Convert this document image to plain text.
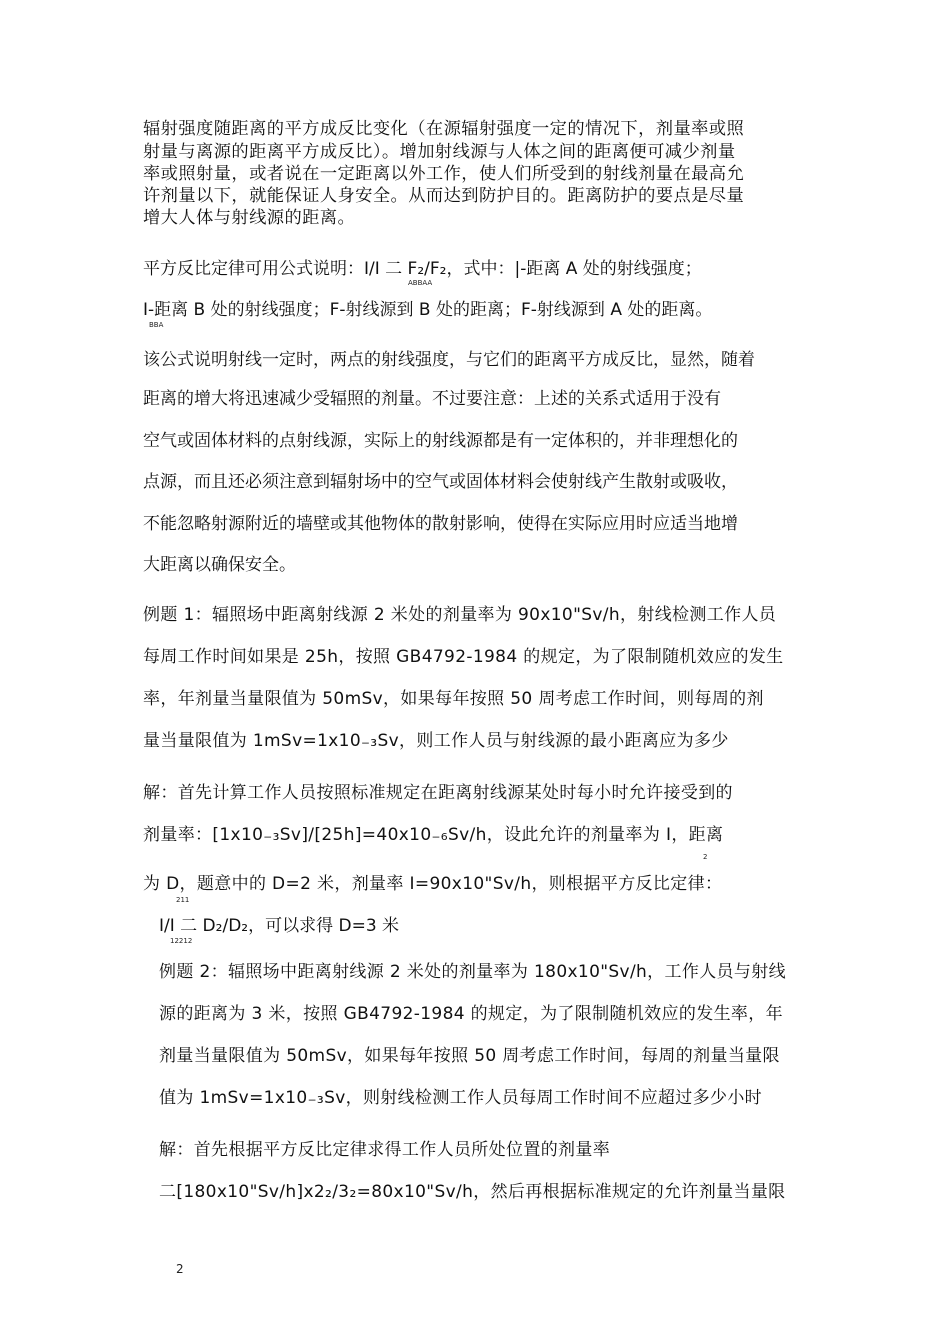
辐射强度随距离的平方成反比变化（在源辐射强度一定的情况下，剂量率或照

射量与离源的距离平方成反比）。增加射线源与人体之间的距离便可减少剂量

率或照射量，或者说在一定距离以外工作，使人们所受到的射线剂量在最高允

许剂量以下，就能保证人身安全。从而达到防护目的。距离防护的要点是尽量

增大人体与射线源的距离。

平方反比定律可用公式说明：I/I 二 F₂/F₂，式中：|-距离 A 处的射线强度；

ABBAA

I-距离 B 处的射线强度；F-射线源到 B 处的距离；F-射线源到 A 处的距离。

BBA

该公式说明射线一定时，两点的射线强度，与它们的距离平方成反比，显然，随着

距离的增大将迅速减少受辐照的剂量。不过要注意：上述的关系式适用于没有

空气或固体材料的点射线源，实际上的射线源都是有一定体积的，并非理想化的

点源，而且还必须注意到辐射场中的空气或固体材料会使射线产生散射或吸收，

不能忽略射源附近的墙壁或其他物体的散射影响，使得在实际应用时应适当地增

大距离以确保安全。

例题 1：辐照场中距离射线源 2 米处的剂量率为 90x10"Sv/h，射线检测工作人员

每周工作时间如果是 25h，按照 GB4792-1984 的规定，为了限制随机效应的发生

率，年剂量当量限值为 50mSv，如果每年按照 50 周考虑工作时间，则每周的剂

量当量限值为 1mSv=1x10₋₃Sv，则工作人员与射线源的最小距离应为多少

解：首先计算工作人员按照标准规定在距离射线源某处时每小时允许接受到的

剂量率：[1x10₋₃Sv]/[25h]=40x10₋₆Sv/h，设此允许的剂量率为 I，距离

2

为 D，题意中的 D=2 米，剂量率 I=90x10"Sv/h，则根据平方反比定律：

211

I/I 二 D₂/D₂，可以求得 D=3 米

12212

例题 2：辐照场中距离射线源 2 米处的剂量率为 180x10"Sv/h，工作人员与射线

源的距离为 3 米，按照 GB4792-1984 的规定，为了限制随机效应的发生率，年

剂量当量限值为 50mSv，如果每年按照 50 周考虑工作时间，每周的剂量当量限

值为 1mSv=1x10₋₃Sv，则射线检测工作人员每周工作时间不应超过多少小时

解：首先根据平方反比定律求得工作人员所处位置的剂量率

二[180x10"Sv/h]x2₂/3₂=80x10"Sv/h，然后再根据标准规定的允许剂量当量限

2
